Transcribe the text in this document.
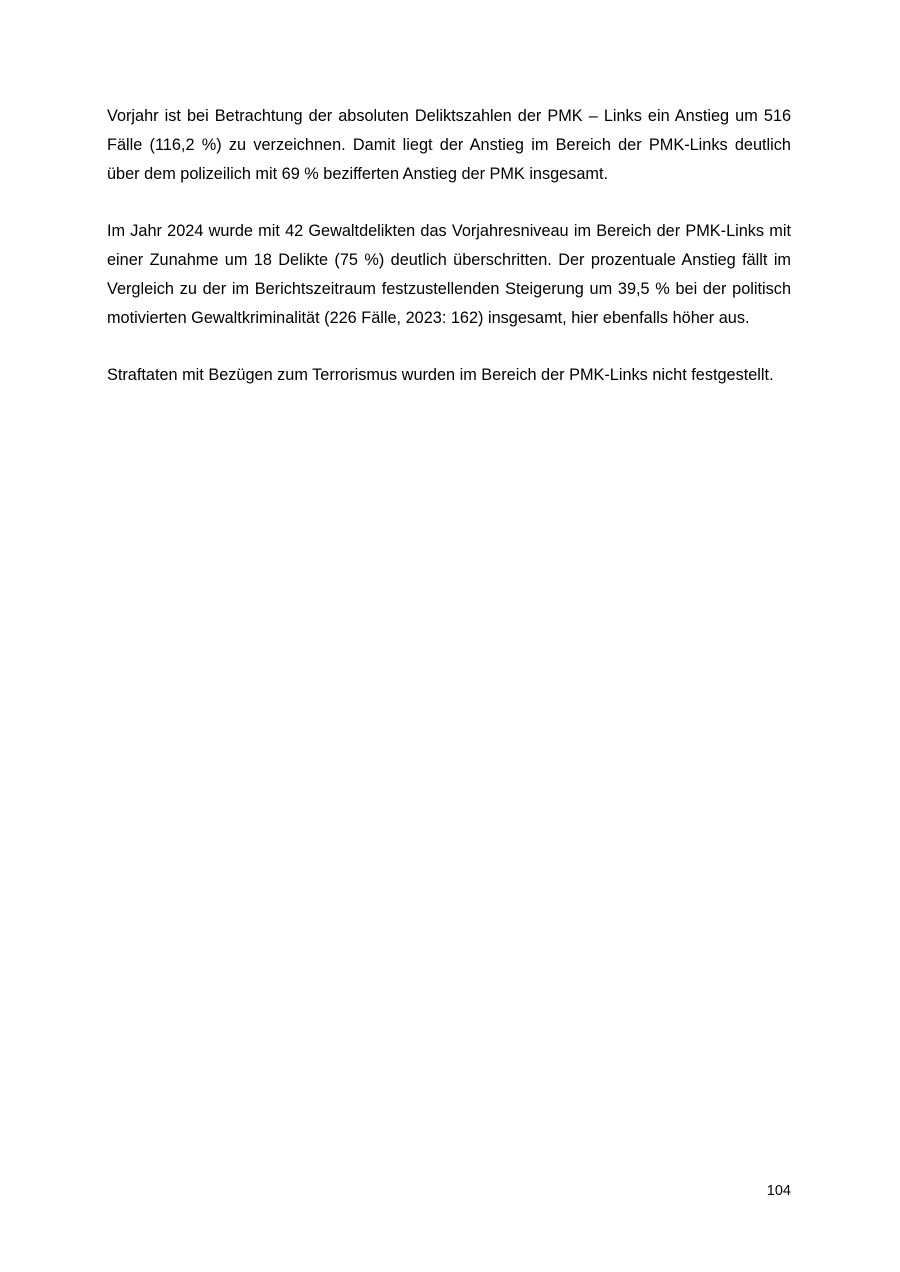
Vorjahr ist bei Betrachtung der absoluten Deliktszahlen der PMK – Links ein Anstieg um 516 Fälle (116,2 %) zu verzeichnen. Damit liegt der Anstieg im Bereich der PMK-Links deutlich über dem polizeilich mit 69 % bezifferten Anstieg der PMK insgesamt.

Im Jahr 2024 wurde mit 42 Gewaltdelikten das Vorjahresniveau im Bereich der PMK-Links mit einer Zunahme um 18 Delikte (75 %) deutlich überschritten. Der prozentuale Anstieg fällt im Vergleich zu der im Berichtszeitraum festzustellenden Steigerung um 39,5 % bei der politisch motivierten Gewaltkriminalität (226 Fälle, 2023: 162) insgesamt, hier ebenfalls höher aus.

Straftaten mit Bezügen zum Terrorismus wurden im Bereich der PMK-Links nicht festgestellt.

104
